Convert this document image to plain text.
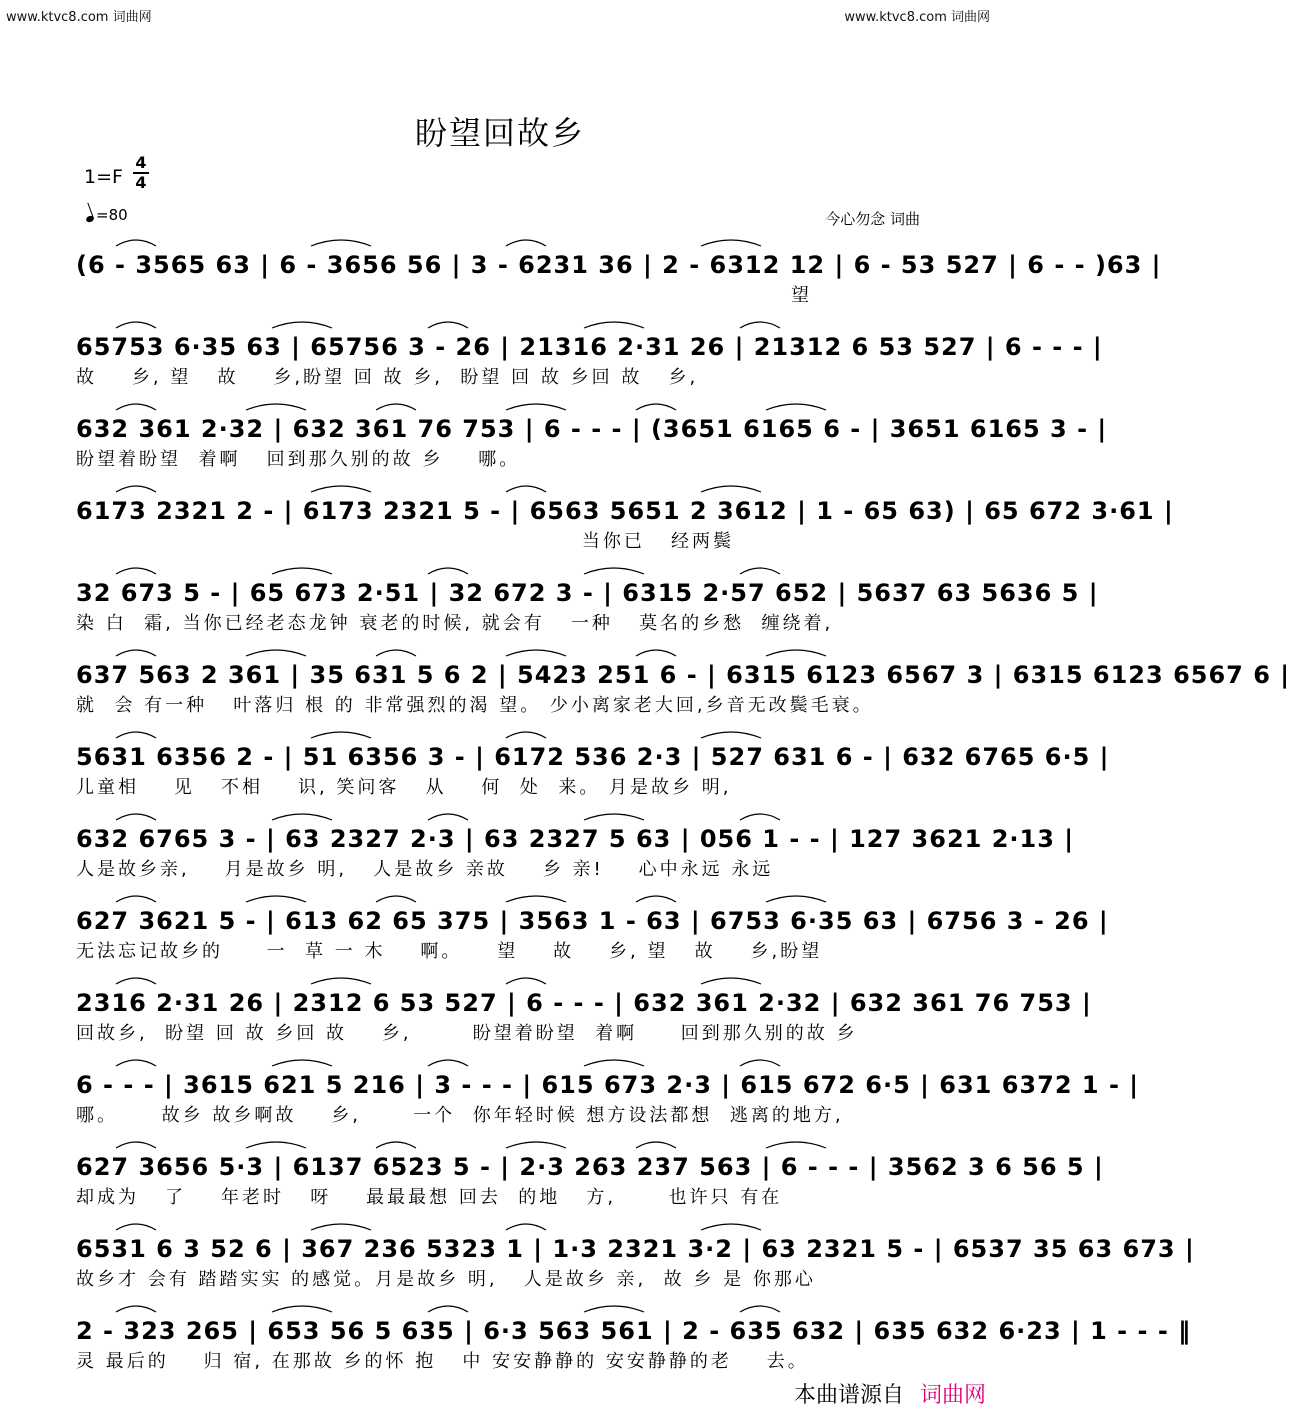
www.ktvc8.com 词曲网	www.ktvc8.com 词曲网
盼望回故乡
1=F
4
4
=80	今心勿念 词曲
(6 - 3565 63 | 6 - 3656 56 | 3 - 6231 36 | 2 - 6312 12 | 6 - 53 527 | 6 - - )63 |
望
65753 6·35 63 | 65756 3 - 26 | 21316 2·31 26 | 21312 6 53 527 | 6 - - - |
故    乡, 望   故    乡,盼望 回 故 乡,  盼望 回 故 乡回 故   乡,
632 361 2·32 | 632 361 76 753 | 6 - - - | (3651 6165 6 - | 3651 6165 3 - |
盼望着盼望  着啊   回到那久别的故 乡    哪。
6173 2321 2 - | 6173 2321 5 - | 6563 5651 2 3612 | 1 - 65 63) | 65 672 3·61 |
当你已   经两鬓
32 673 5 - | 65 673 2·51 | 32 672 3 - | 6315 2·57 652 | 5637 63 5636 5 |
染 白  霜, 当你已经老态龙钟 衰老的时候, 就会有   一种   莫名的乡愁  缠绕着,
637 563 2 361 | 35 631 5 6 2 | 5423 251 6 - | 6315 6123 6567 3 | 6315 6123 6567 6 |
就  会 有一种   叶落归 根 的 非常强烈的渴 望。 少小离家老大回,乡音无改鬓毛衰。
5631 6356 2 - | 51 6356 3 - | 6172 536 2·3 | 527 631 6 - | 632 6765 6·5 |
儿童相    见   不相    识, 笑问客   从    何  处  来。 月是故乡 明,
632 6765 3 - | 63 2327 2·3 | 63 2327 5 63 | 056 1 - - | 127 3621 2·13 |
人是故乡亲,    月是故乡 明,   人是故乡 亲故    乡 亲!    心中永远 永远
627 3621 5 - | 613 62 65 375 | 3563 1 - 63 | 6753 6·35 63 | 6756 3 - 26 |
无法忘记故乡的     一  草 一 木    啊。    望    故    乡, 望   故    乡,盼望
2316 2·31 26 | 2312 6 53 527 | 6 - - - | 632 361 2·32 | 632 361 76 753 |
回故乡,  盼望 回 故 乡回 故    乡,       盼望着盼望  着啊     回到那久别的故 乡
6 - - - | 3615 621 5 216 | 3 - - - | 615 673 2·3 | 615 672 6·5 | 631 6372 1 - |
哪。     故乡 故乡啊故    乡,      一个  你年轻时候 想方设法都想  逃离的地方,
627 3656 5·3 | 6137 6523 5 - | 2·3 263 237 563 | 6 - - - | 3562 3 6 56 5 |
却成为   了    年老时   呀    最最最想 回去  的地   方,      也许只 有在
6531 6 3 52 6 | 367 236 5323 1 | 1·3 2321 3·2 | 63 2321 5 - | 6537 35 63 673 |
故乡才 会有 踏踏实实 的感觉。月是故乡 明,   人是故乡 亲,  故 乡 是 你那心
2 - 323 265 | 653 56 5 635 | 6·3 563 561 | 2 - 635 632 | 635 632 6·23 | 1 - - - ‖
灵 最后的    归 宿, 在那故 乡的怀 抱   中 安安静静的 安安静静的老    去。
本曲谱源自 词曲网
